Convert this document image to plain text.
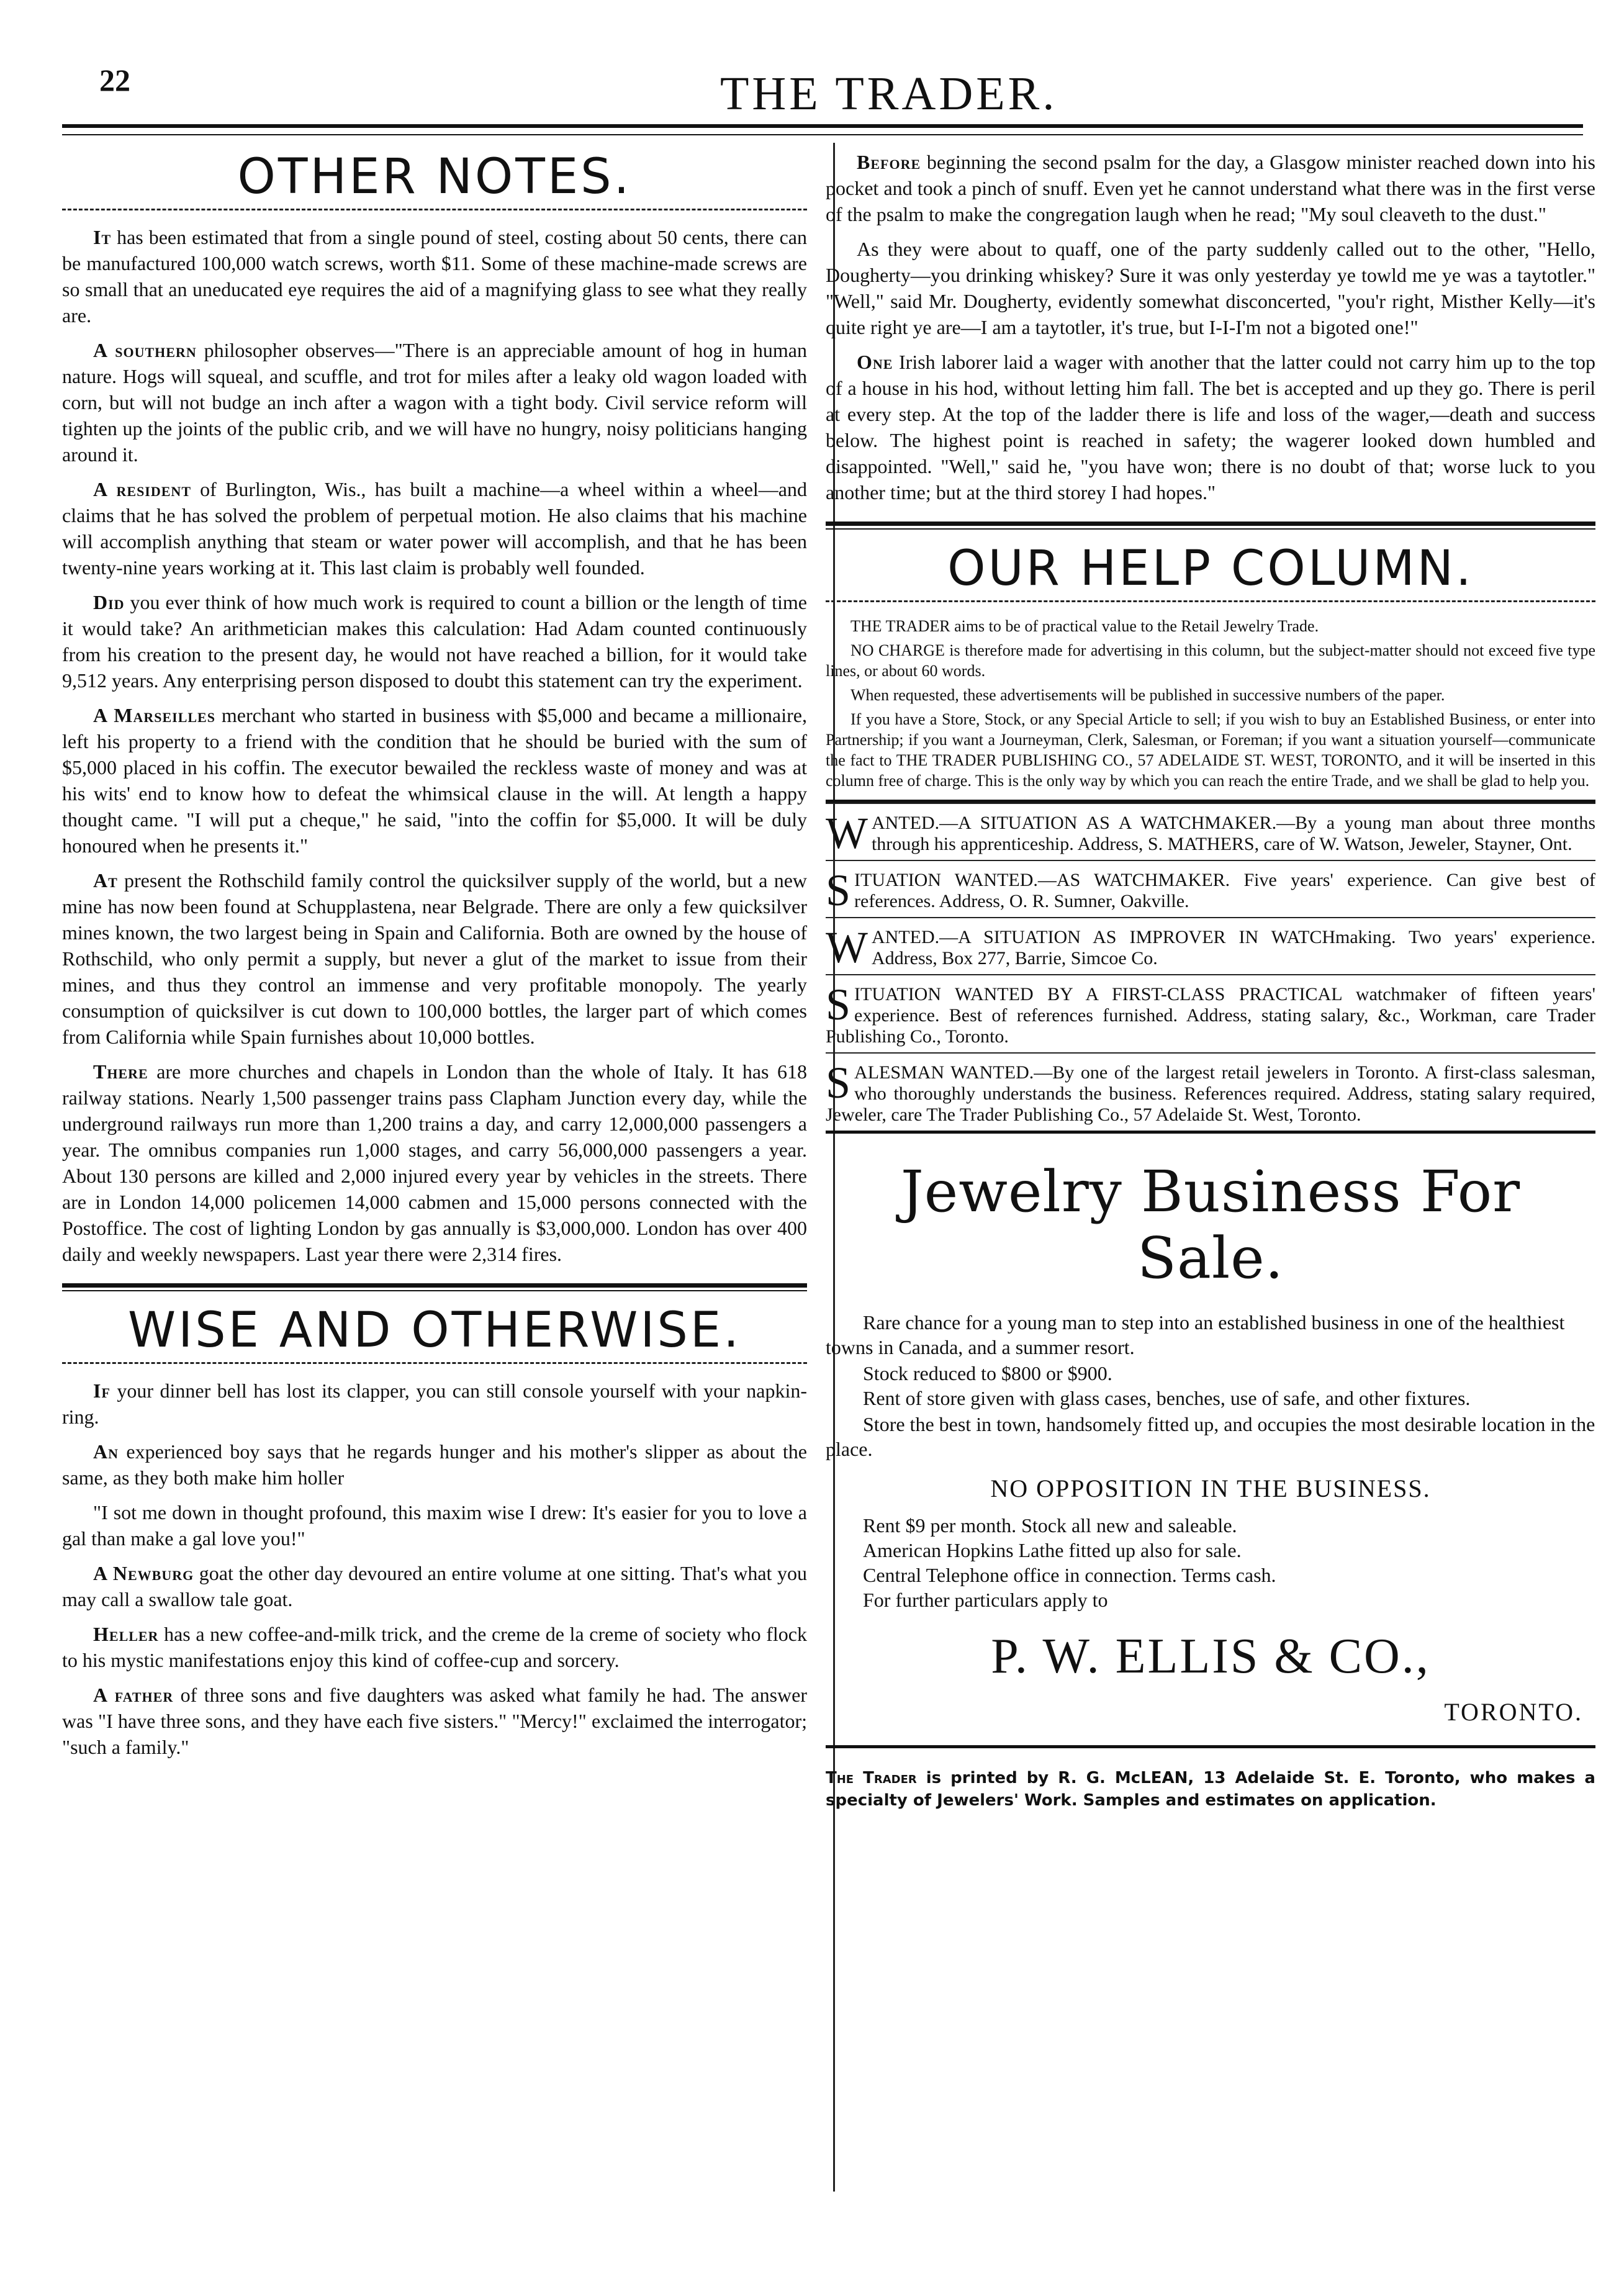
22	THE TRADER.
OTHER NOTES.

It has been estimated that from a single pound of steel, costing about 50 cents, there can be manufactured 100,000 watch screws, worth $11. Some of these machine-made screws are so small that an uneducated eye requires the aid of a magnifying glass to see what they really are.

A southern philosopher observes—"There is an appreciable amount of hog in human nature. Hogs will squeal, and scuffle, and trot for miles after a leaky old wagon loaded with corn, but will not budge an inch after a wagon with a tight body. Civil service reform will tighten up the joints of the public crib, and we will have no hungry, noisy politicians hanging around it.

A resident of Burlington, Wis., has built a machine—a wheel within a wheel—and claims that he has solved the problem of perpetual motion. He also claims that his machine will accomplish anything that steam or water power will accomplish, and that he has been twenty-nine years working at it. This last claim is probably well founded.

Did you ever think of how much work is required to count a billion or the length of time it would take? An arithmetician makes this calculation: Had Adam counted continuously from his creation to the present day, he would not have reached a billion, for it would take 9,512 years. Any enterprising person disposed to doubt this statement can try the experiment.

A Marseilles merchant who started in business with $5,000 and became a millionaire, left his property to a friend with the condition that he should be buried with the sum of $5,000 placed in his coffin. The executor bewailed the reckless waste of money and was at his wits' end to know how to defeat the whimsical clause in the will. At length a happy thought came. "I will put a cheque," he said, "into the coffin for $5,000. It will be duly honoured when he presents it."

At present the Rothschild family control the quicksilver supply of the world, but a new mine has now been found at Schupplastena, near Belgrade. There are only a few quicksilver mines known, the two largest being in Spain and California. Both are owned by the house of Rothschild, who only permit a supply, but never a glut of the market to issue from their mines, and thus they control an immense and very profitable monopoly. The yearly consumption of quicksilver is cut down to 100,000 bottles, the larger part of which comes from California while Spain furnishes about 10,000 bottles.

There are more churches and chapels in London than the whole of Italy. It has 618 railway stations. Nearly 1,500 passenger trains pass Clapham Junction every day, while the underground railways run more than 1,200 trains a day, and carry 12,000,000 passengers a year. The omnibus companies run 1,000 stages, and carry 56,000,000 passengers a year. About 130 persons are killed and 2,000 injured every year by vehicles in the streets. There are in London 14,000 policemen 14,000 cabmen and 15,000 persons connected with the Postoffice. The cost of lighting London by gas annually is $3,000,000. London has over 400 daily and weekly newspapers. Last year there were 2,314 fires.

WISE AND OTHERWISE.

If your dinner bell has lost its clapper, you can still console yourself with your napkin-ring.

An experienced boy says that he regards hunger and his mother's slipper as about the same, as they both make him holler

"I sot me down in thought profound, this maxim wise I drew: It's easier for you to love a gal than make a gal love you!"

A Newburg goat the other day devoured an entire volume at one sitting. That's what you may call a swallow tale goat.

Heller has a new coffee-and-milk trick, and the creme de la creme of society who flock to his mystic manifestations enjoy this kind of coffee-cup and sorcery.

A father of three sons and five daughters was asked what family he had. The answer was "I have three sons, and they have each five sisters." "Mercy!" exclaimed the interrogator; "such a family."

Before beginning the second psalm for the day, a Glasgow minister reached down into his pocket and took a pinch of snuff. Even yet he cannot understand what there was in the first verse of the psalm to make the congregation laugh when he read; "My soul cleaveth to the dust."

As they were about to quaff, one of the party suddenly called out to the other, "Hello, Dougherty—you drinking whiskey? Sure it was only yesterday ye towld me ye was a taytotler." "Well," said Mr. Dougherty, evidently somewhat disconcerted, "you'r right, Misther Kelly—it's quite right ye are—I am a taytotler, it's true, but I-I-I'm not a bigoted one!"

One Irish laborer laid a wager with another that the latter could not carry him up to the top of a house in his hod, without letting him fall. The bet is accepted and up they go. There is peril at every step. At the top of the ladder there is life and loss of the wager,—death and success below. The highest point is reached in safety; the wagerer looked down humbled and disappointed. "Well," said he, "you have won; there is no doubt of that; worse luck to you another time; but at the third storey I had hopes."

OUR HELP COLUMN.

THE TRADER aims to be of practical value to the Retail Jewelry Trade.

NO CHARGE is therefore made for advertising in this column, but the subject-matter should not exceed five type lines, or about 60 words.

When requested, these advertisements will be published in successive numbers of the paper.

If you have a Store, Stock, or any Special Article to sell; if you wish to buy an Established Business, or enter into Partnership; if you want a Journeyman, Clerk, Salesman, or Foreman; if you want a situation yourself—communicate the fact to THE TRADER PUBLISHING CO., 57 ADELAIDE ST. WEST, TORONTO, and it will be inserted in this column free of charge. This is the only way by which you can reach the entire Trade, and we shall be glad to help you.

WANTED.—A SITUATION AS A WATCHMAKER.—By a young man about three months through his apprenticeship. Address, S. MATHERS, care of W. Watson, Jeweler, Stayner, Ont.
SITUATION WANTED.—AS WATCHMAKER. Five years' experience. Can give best of references. Address, O. R. Sumner, Oakville.
WANTED.—A SITUATION AS IMPROVER IN WATCHmaking. Two years' experience. Address, Box 277, Barrie, Simcoe Co.
SITUATION WANTED BY A FIRST-CLASS PRACTICAL watchmaker of fifteen years' experience. Best of references furnished. Address, stating salary, &c., Workman, care Trader Publishing Co., Toronto.
SALESMAN WANTED.—By one of the largest retail jewelers in Toronto. A first-class salesman, who thoroughly understands the business. References required. Address, stating salary required, Jeweler, care The Trader Publishing Co., 57 Adelaide St. West, Toronto.
Jewelry Business For Sale.

Rare chance for a young man to step into an established business in one of the healthiest towns in Canada, and a summer resort.

Stock reduced to $800 or $900.

Rent of store given with glass cases, benches, use of safe, and other fixtures.

Store the best in town, handsomely fitted up, and occupies the most desirable location in the place.

NO OPPOSITION IN THE BUSINESS.

Rent $9 per month. Stock all new and saleable.

American Hopkins Lathe fitted up also for sale.

Central Telephone office in connection. Terms cash.

For further particulars apply to

P. W. ELLIS & CO.,
TORONTO.
The Trader is printed by R. G. McLEAN, 13 Adelaide St. E. Toronto, who makes a specialty of Jewelers' Work. Samples and estimates on application.
